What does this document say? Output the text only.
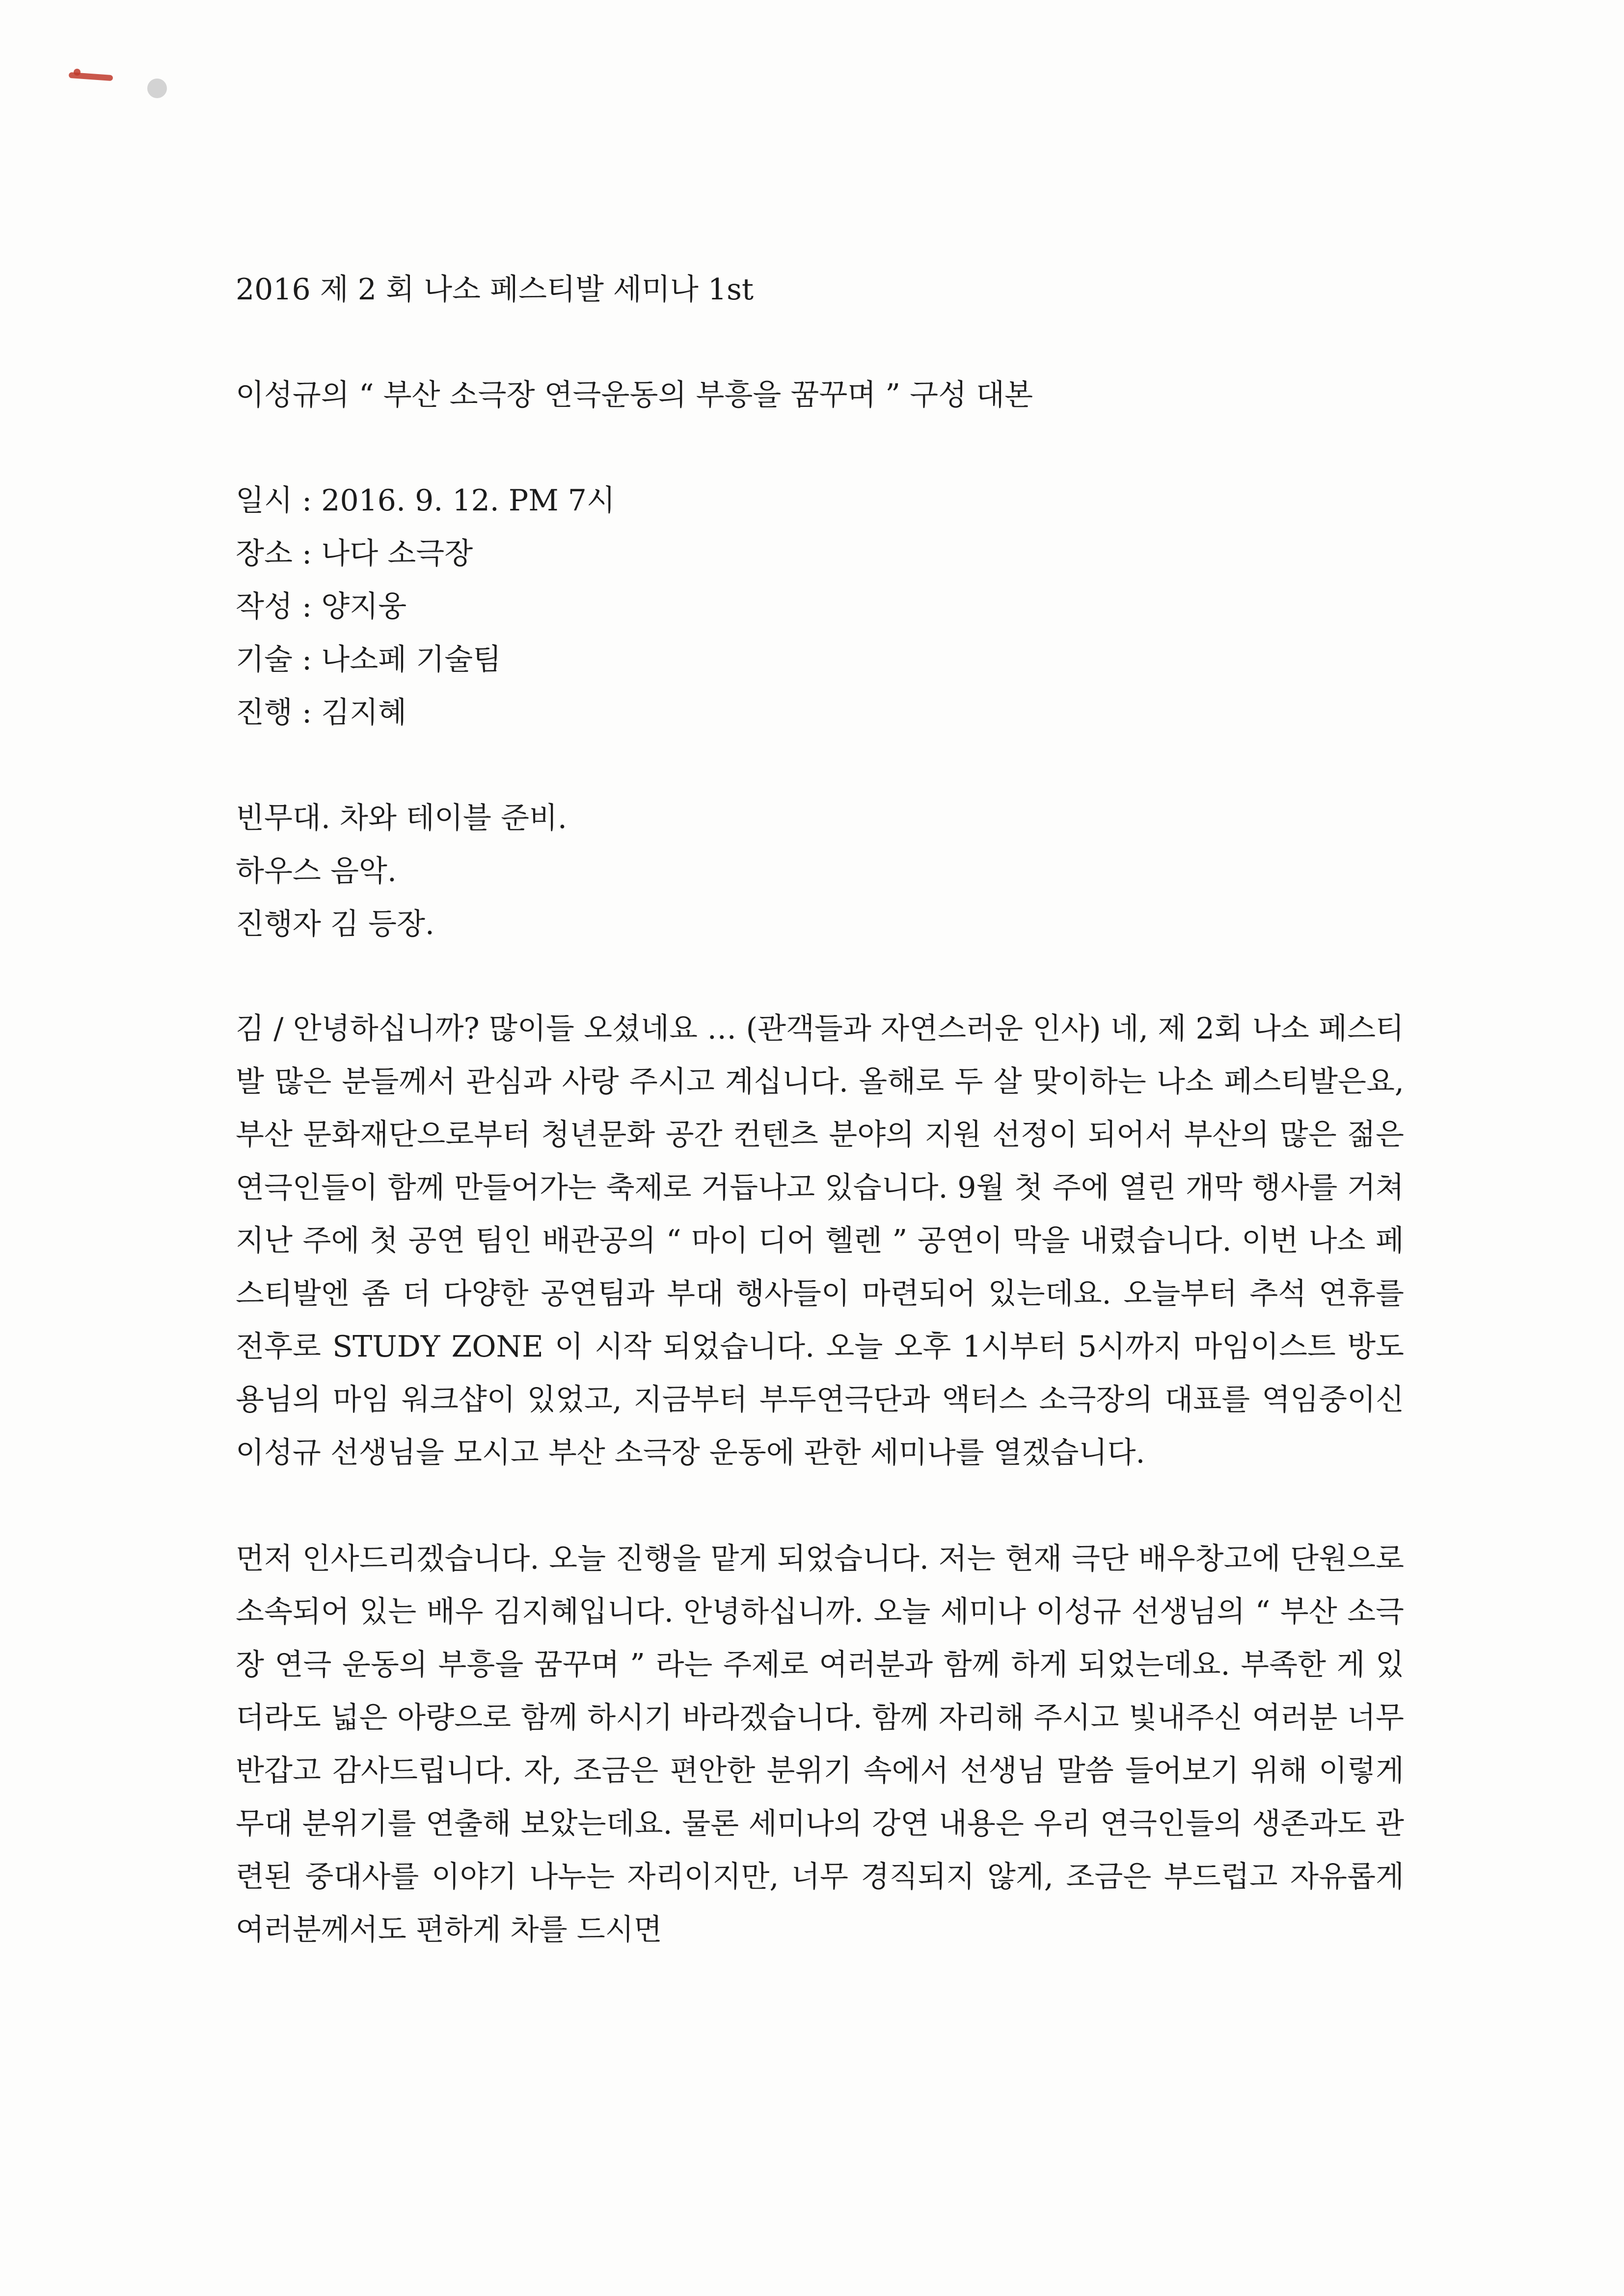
2016 제 2 회 나소 페스티발 세미나 1st
이성규의 “ 부산 소극장 연극운동의 부흥을 꿈꾸며 ” 구성 대본
일시 : 2016. 9. 12. PM 7시
장소 : 나다 소극장
작성 : 양지웅
기술 : 나소페 기술팀
진행 : 김지혜
빈무대. 차와 테이블 준비.
하우스 음악.
진행자 김 등장.
김 / 안녕하십니까? 많이들 오셨네요 … (관객들과 자연스러운 인사) 네, 제 2회 나소 페스티발 많은 분들께서 관심과 사랑 주시고 계십니다. 올해로 두 살 맞이하는 나소 페스티발은요, 부산 문화재단으로부터 청년문화 공간 컨텐츠 분야의 지원 선정이 되어서 부산의 많은 젊은 연극인들이 함께 만들어가는 축제로 거듭나고 있습니다. 9월 첫 주에 열린 개막 행사를 거쳐 지난 주에 첫 공연 팀인 배관공의 “ 마이 디어 헬렌 ” 공연이 막을 내렸습니다. 이번 나소 페스티발엔 좀 더 다양한 공연팀과 부대 행사들이 마련되어 있는데요. 오늘부터 추석 연휴를 전후로 STUDY ZONE 이 시작 되었습니다. 오늘 오후 1시부터 5시까지 마임이스트 방도용님의 마임 워크샵이 있었고, 지금부터 부두연극단과 액터스 소극장의 대표를 역임중이신 이성규 선생님을 모시고 부산 소극장 운동에 관한 세미나를 열겠습니다.
먼저 인사드리겠습니다. 오늘 진행을 맡게 되었습니다. 저는 현재 극단 배우창고에 단원으로 소속되어 있는 배우 김지혜입니다. 안녕하십니까. 오늘 세미나 이성규 선생님의 “ 부산 소극장 연극 운동의 부흥을 꿈꾸며 ” 라는 주제로 여러분과 함께 하게 되었는데요. 부족한 게 있더라도 넓은 아량으로 함께 하시기 바라겠습니다. 함께 자리해 주시고 빛내주신 여러분 너무 반갑고 감사드립니다. 자, 조금은 편안한 분위기 속에서 선생님 말씀 들어보기 위해 이렇게 무대 분위기를 연출해 보았는데요. 물론 세미나의 강연 내용은 우리 연극인들의 생존과도 관련된 중대사를 이야기 나누는 자리이지만, 너무 경직되지 않게, 조금은 부드럽고 자유롭게 여러분께서도 편하게 차를 드시면
